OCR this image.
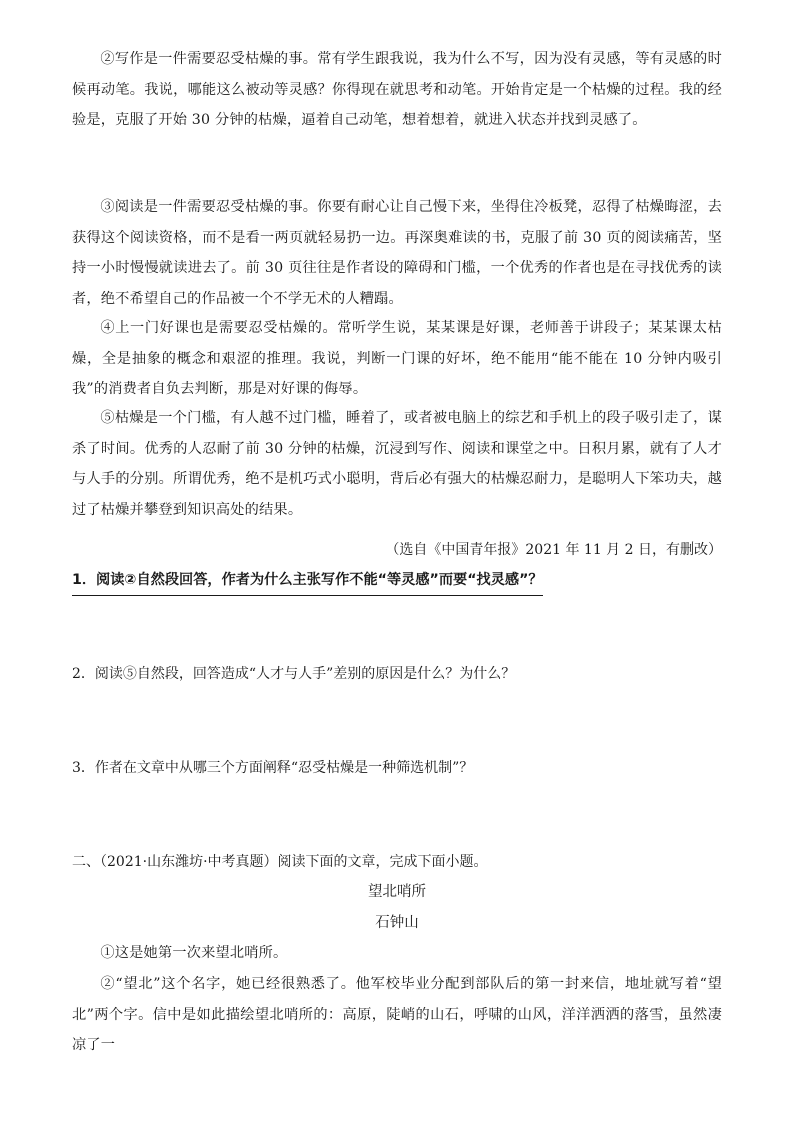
②写作是一件需要忍受枯燥的事。常有学生跟我说，我为什么不写，因为没有灵感，等有灵感的时候再动笔。我说，哪能这么被动等灵感？你得现在就思考和动笔。开始肯定是一个枯燥的过程。我的经验是，克服了开始 30 分钟的枯燥，逼着自己动笔，想着想着，就进入状态并找到灵感了。

③阅读是一件需要忍受枯燥的事。你要有耐心让自己慢下来，坐得住冷板凳，忍得了枯燥晦涩，去获得这个阅读资格，而不是看一两页就轻易扔一边。再深奥难读的书，克服了前 30 页的阅读痛苦，坚持一小时慢慢就读进去了。前 30 页往往是作者设的障碍和门槛，一个优秀的作者也是在寻找优秀的读者，绝不希望自己的作品被一个不学无术的人糟蹋。

④上一门好课也是需要忍受枯燥的。常听学生说，某某课是好课，老师善于讲段子；某某课太枯燥，全是抽象的概念和艰涩的推理。我说，判断一门课的好坏，绝不能用“能不能在 10 分钟内吸引我”的消费者自负去判断，那是对好课的侮辱。

⑤枯燥是一个门槛，有人越不过门槛，睡着了，或者被电脑上的综艺和手机上的段子吸引走了，谋杀了时间。优秀的人忍耐了前 30 分钟的枯燥，沉浸到写作、阅读和课堂之中。日积月累，就有了人才与人手的分别。所谓优秀，绝不是机巧式小聪明，背后必有强大的枯燥忍耐力，是聪明人下笨功夫，越过了枯燥并攀登到知识高处的结果。

（选自《中国青年报》2021 年 11 月 2 日，有删改）

1．阅读②自然段回答，作者为什么主张写作不能“等灵感”而要“找灵感”？

2．阅读⑤自然段，回答造成“人才与人手”差别的原因是什么？为什么？

3．作者在文章中从哪三个方面阐释“忍受枯燥是一种筛选机制”？

二、（2021·山东潍坊·中考真题）阅读下面的文章，完成下面小题。

望北哨所

石钟山

①这是她第一次来望北哨所。

②“望北”这个名字，她已经很熟悉了。他军校毕业分配到部队后的第一封来信，地址就写着“望北”两个字。信中是如此描绘望北哨所的：高原，陡峭的山石，呼啸的山风，洋洋洒洒的落雪，虽然凄凉了一
